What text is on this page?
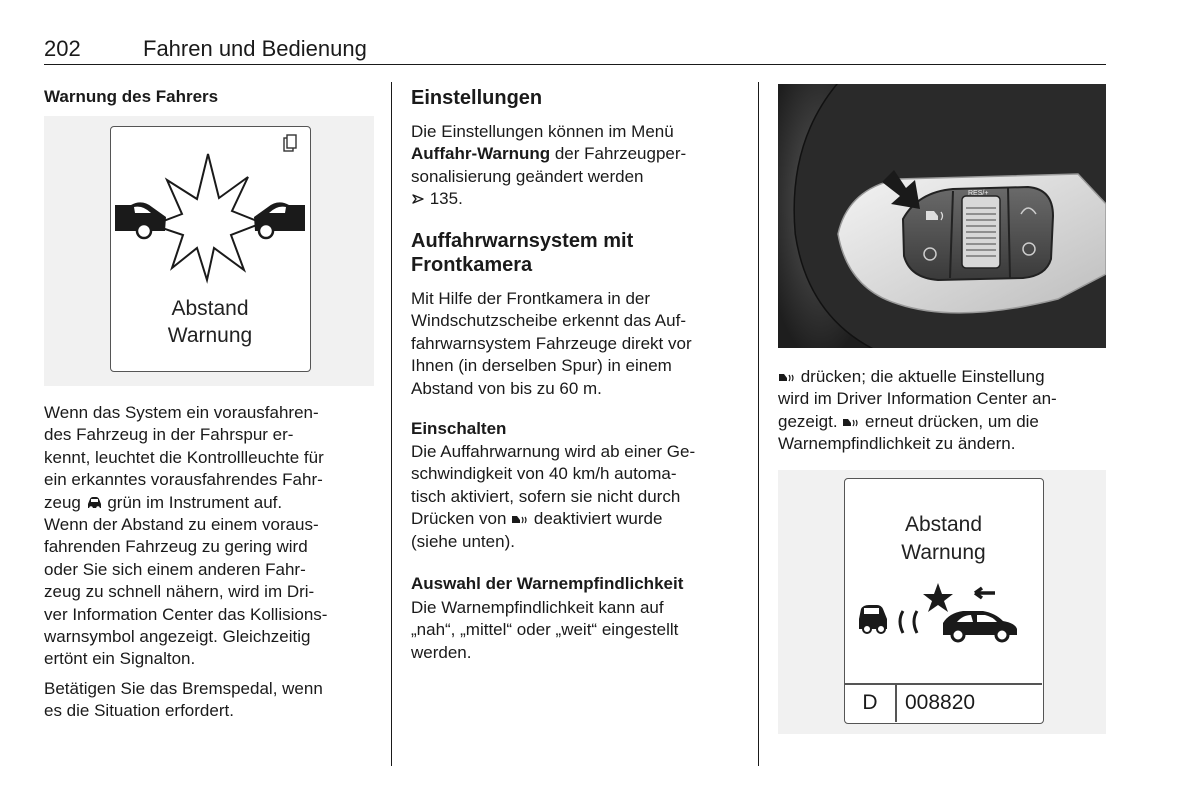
202	Fahren und Bedienung
Warnung des Fahrers
Abstand
Warnung

Wenn das System ein vorausfahren-

des Fahrzeug in der Fahrspur er-

kennt, leuchtet die Kontrollleuchte für

ein erkanntes vorausfahrendes Fahr-

zeug  grün im Instrument auf.

Wenn der Abstand zu einem voraus-

fahrenden Fahrzeug zu gering wird

oder Sie sich einem anderen Fahr-

zeug zu schnell nähern, wird im Dri-

ver Information Center das Kollisions-

warnsymbol angezeigt. Gleichzeitig

ertönt ein Signalton.

Betätigen Sie das Bremspedal, wenn

es die Situation erfordert.

Einstellungen

Die Einstellungen können im Menü

Auffahr-Warnung der Fahrzeugper-

sonalisierung geändert werden

135.

Auffahrwarnsystem mit
Frontkamera

Mit Hilfe der Frontkamera in der

Windschutzscheibe erkennt das Auf-

fahrwarnsystem Fahrzeuge direkt vor

Ihnen (in derselben Spur) in einem

Abstand von bis zu 60 m.

Einschalten

Die Auffahrwarnung wird ab einer Ge-

schwindigkeit von 40 km/h automa-

tisch aktiviert, sofern sie nicht durch

Drücken von  deaktiviert wurde

(siehe unten).

Auswahl der Warnempfindlichkeit

Die Warnempfindlichkeit kann auf

„nah“, „mittel“ oder „weit“ eingestellt

werden.

RES/+

drücken; die aktuelle Einstellung

wird im Driver Information Center an-

gezeigt.  erneut drücken, um die

Warnempfindlichkeit zu ändern.

Abstand
Warnung
D	008820
